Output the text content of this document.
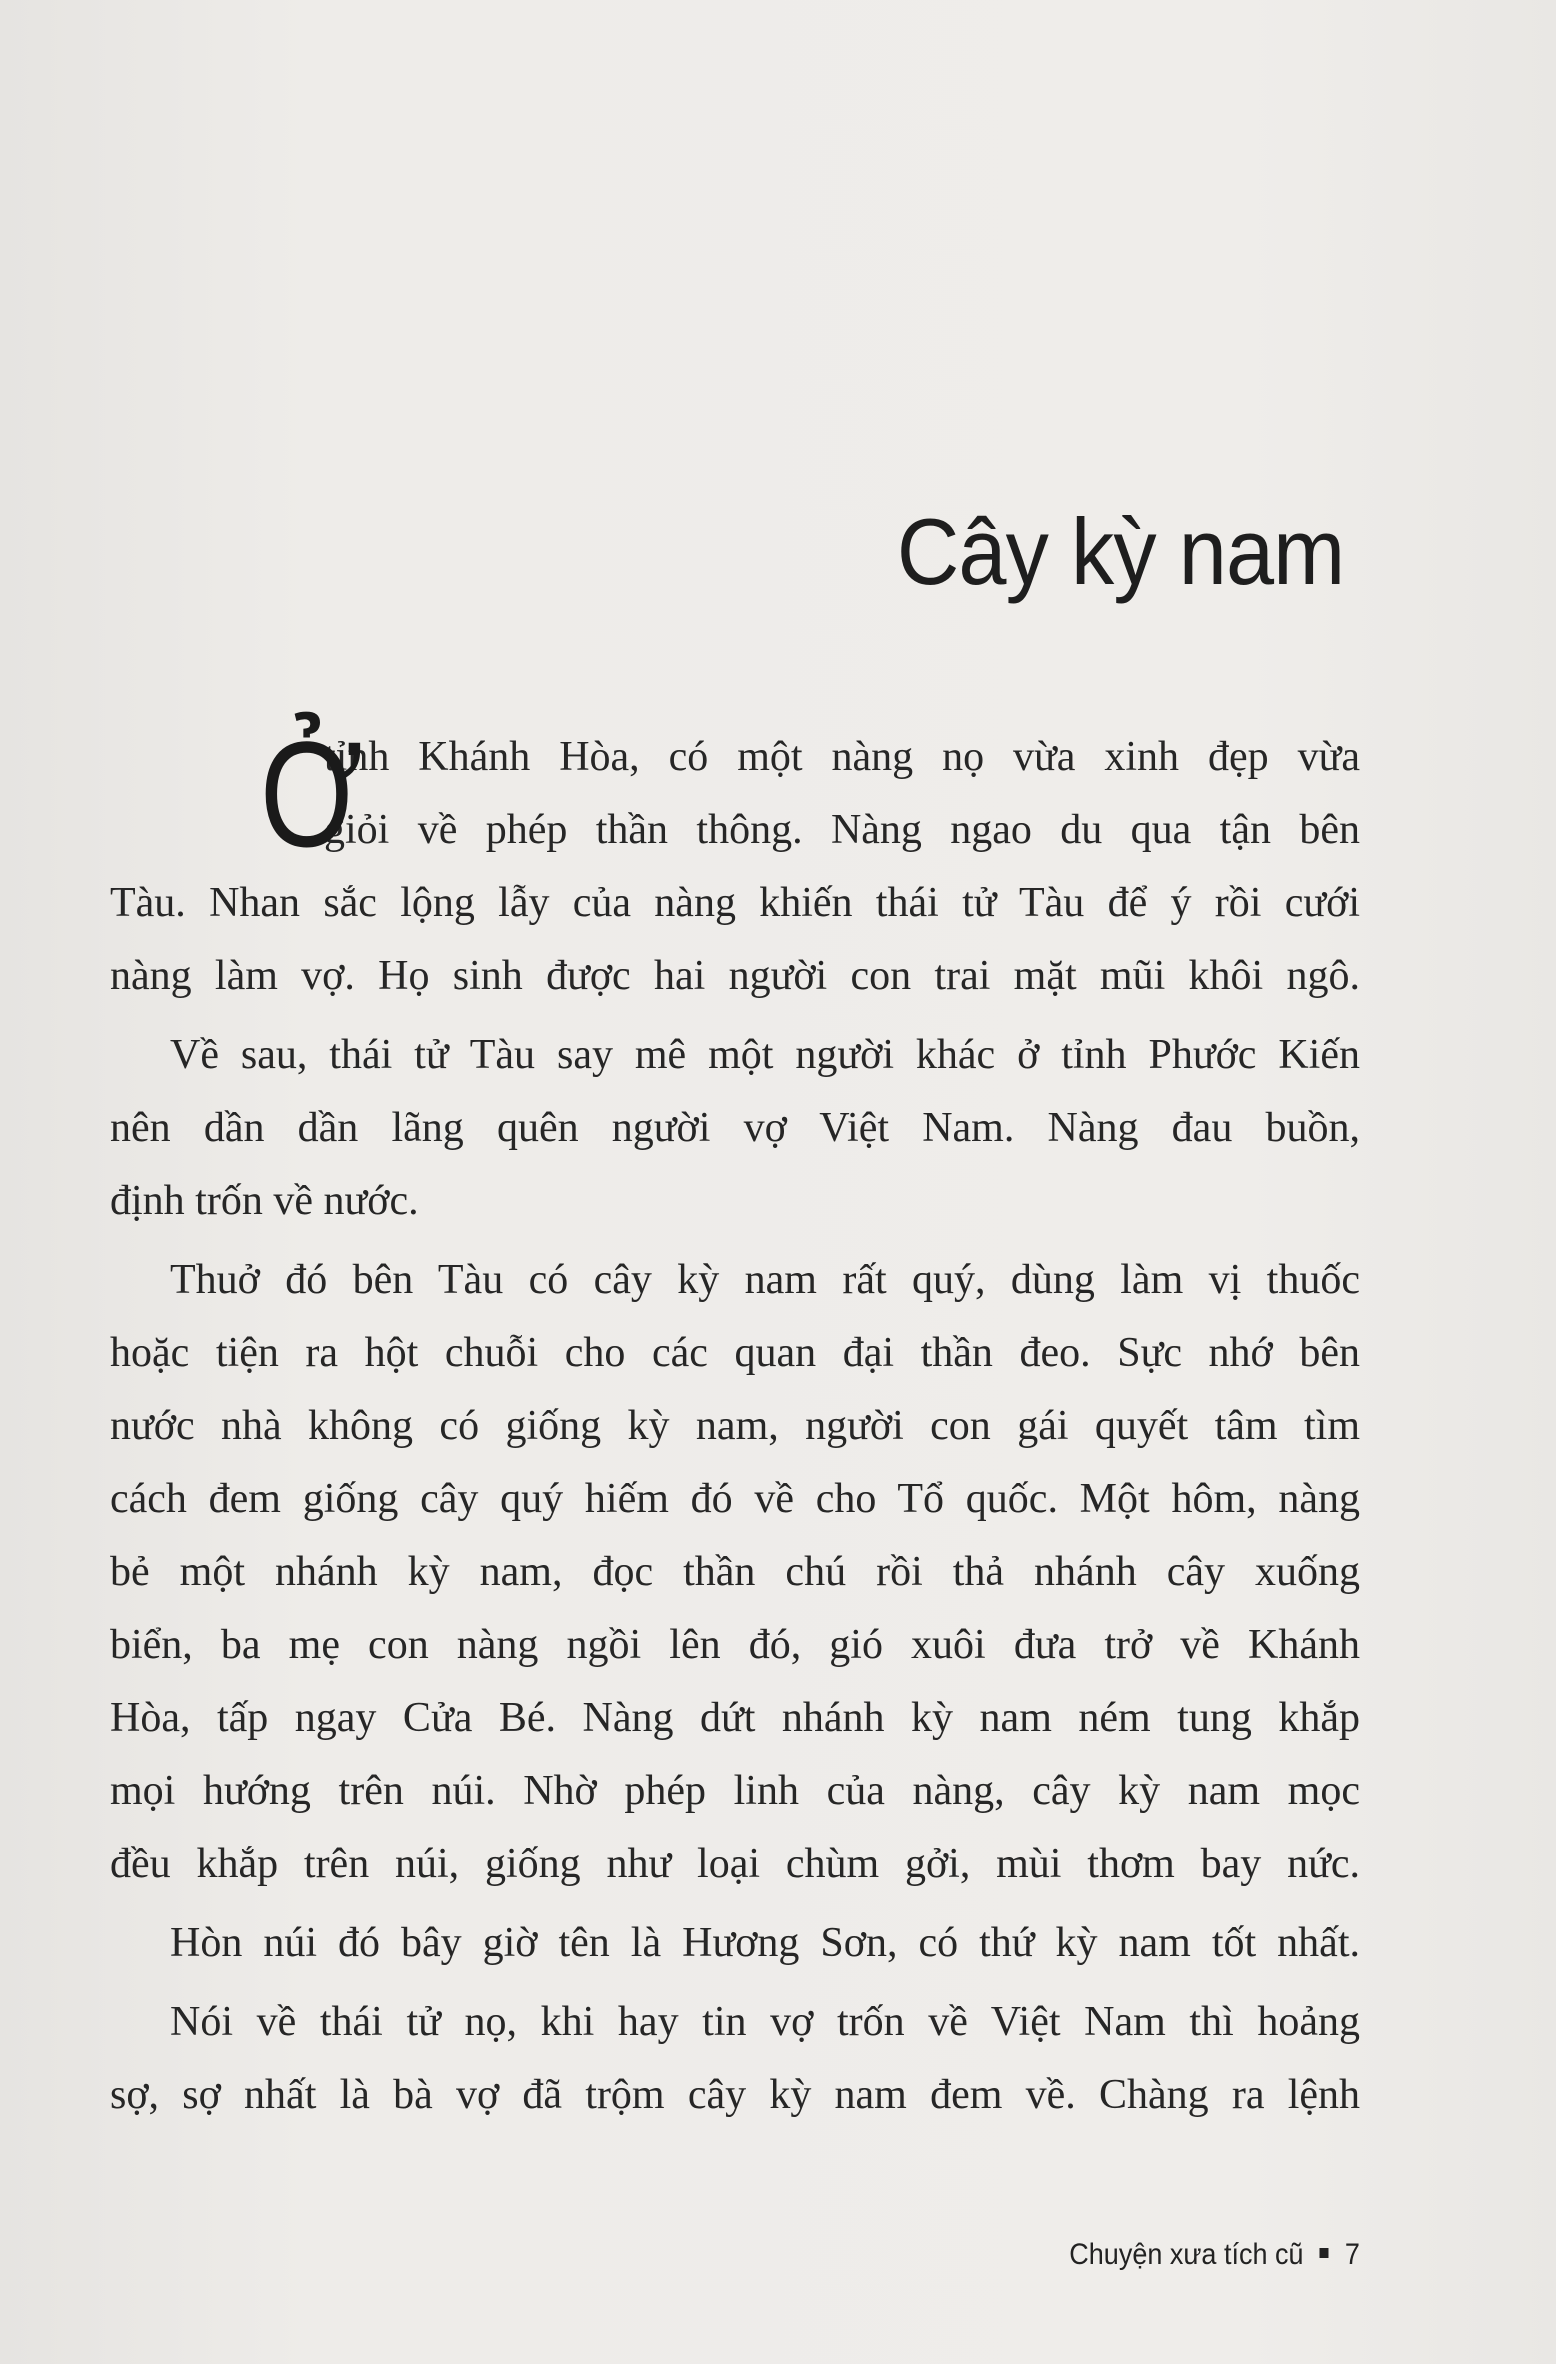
Cây kỳ nam
Ở
tỉnh Khánh Hòa, có một nàng nọ vừa xinh đẹp vừa
giỏi về phép thần thông. Nàng ngao du qua tận bên
Tàu. Nhan sắc lộng lẫy của nàng khiến thái tử Tàu để ý rồi cưới
nàng làm vợ. Họ sinh được hai người con trai mặt mũi khôi ngô.
Về sau, thái tử Tàu say mê một người khác ở tỉnh Phước Kiến
nên dần dần lãng quên người vợ Việt Nam. Nàng đau buồn,
định trốn về nước.
Thuở đó bên Tàu có cây kỳ nam rất quý, dùng làm vị thuốc
hoặc tiện ra hột chuỗi cho các quan đại thần đeo. Sực nhớ bên
nước nhà không có giống kỳ nam, người con gái quyết tâm tìm
cách đem giống cây quý hiếm đó về cho Tổ quốc. Một hôm, nàng
bẻ một nhánh kỳ nam, đọc thần chú rồi thả nhánh cây xuống
biển, ba mẹ con nàng ngồi lên đó, gió xuôi đưa trở về Khánh
Hòa, tấp ngay Cửa Bé. Nàng dứt nhánh kỳ nam ném tung khắp
mọi hướng trên núi. Nhờ phép linh của nàng, cây kỳ nam mọc
đều khắp trên núi, giống như loại chùm gởi, mùi thơm bay nức.
Hòn núi đó bây giờ tên là Hương Sơn, có thứ kỳ nam tốt nhất.
Nói về thái tử nọ, khi hay tin vợ trốn về Việt Nam thì hoảng
sợ, sợ nhất là bà vợ đã trộm cây kỳ nam đem về. Chàng ra lệnh
Chuyện xưa tích cũ 7
